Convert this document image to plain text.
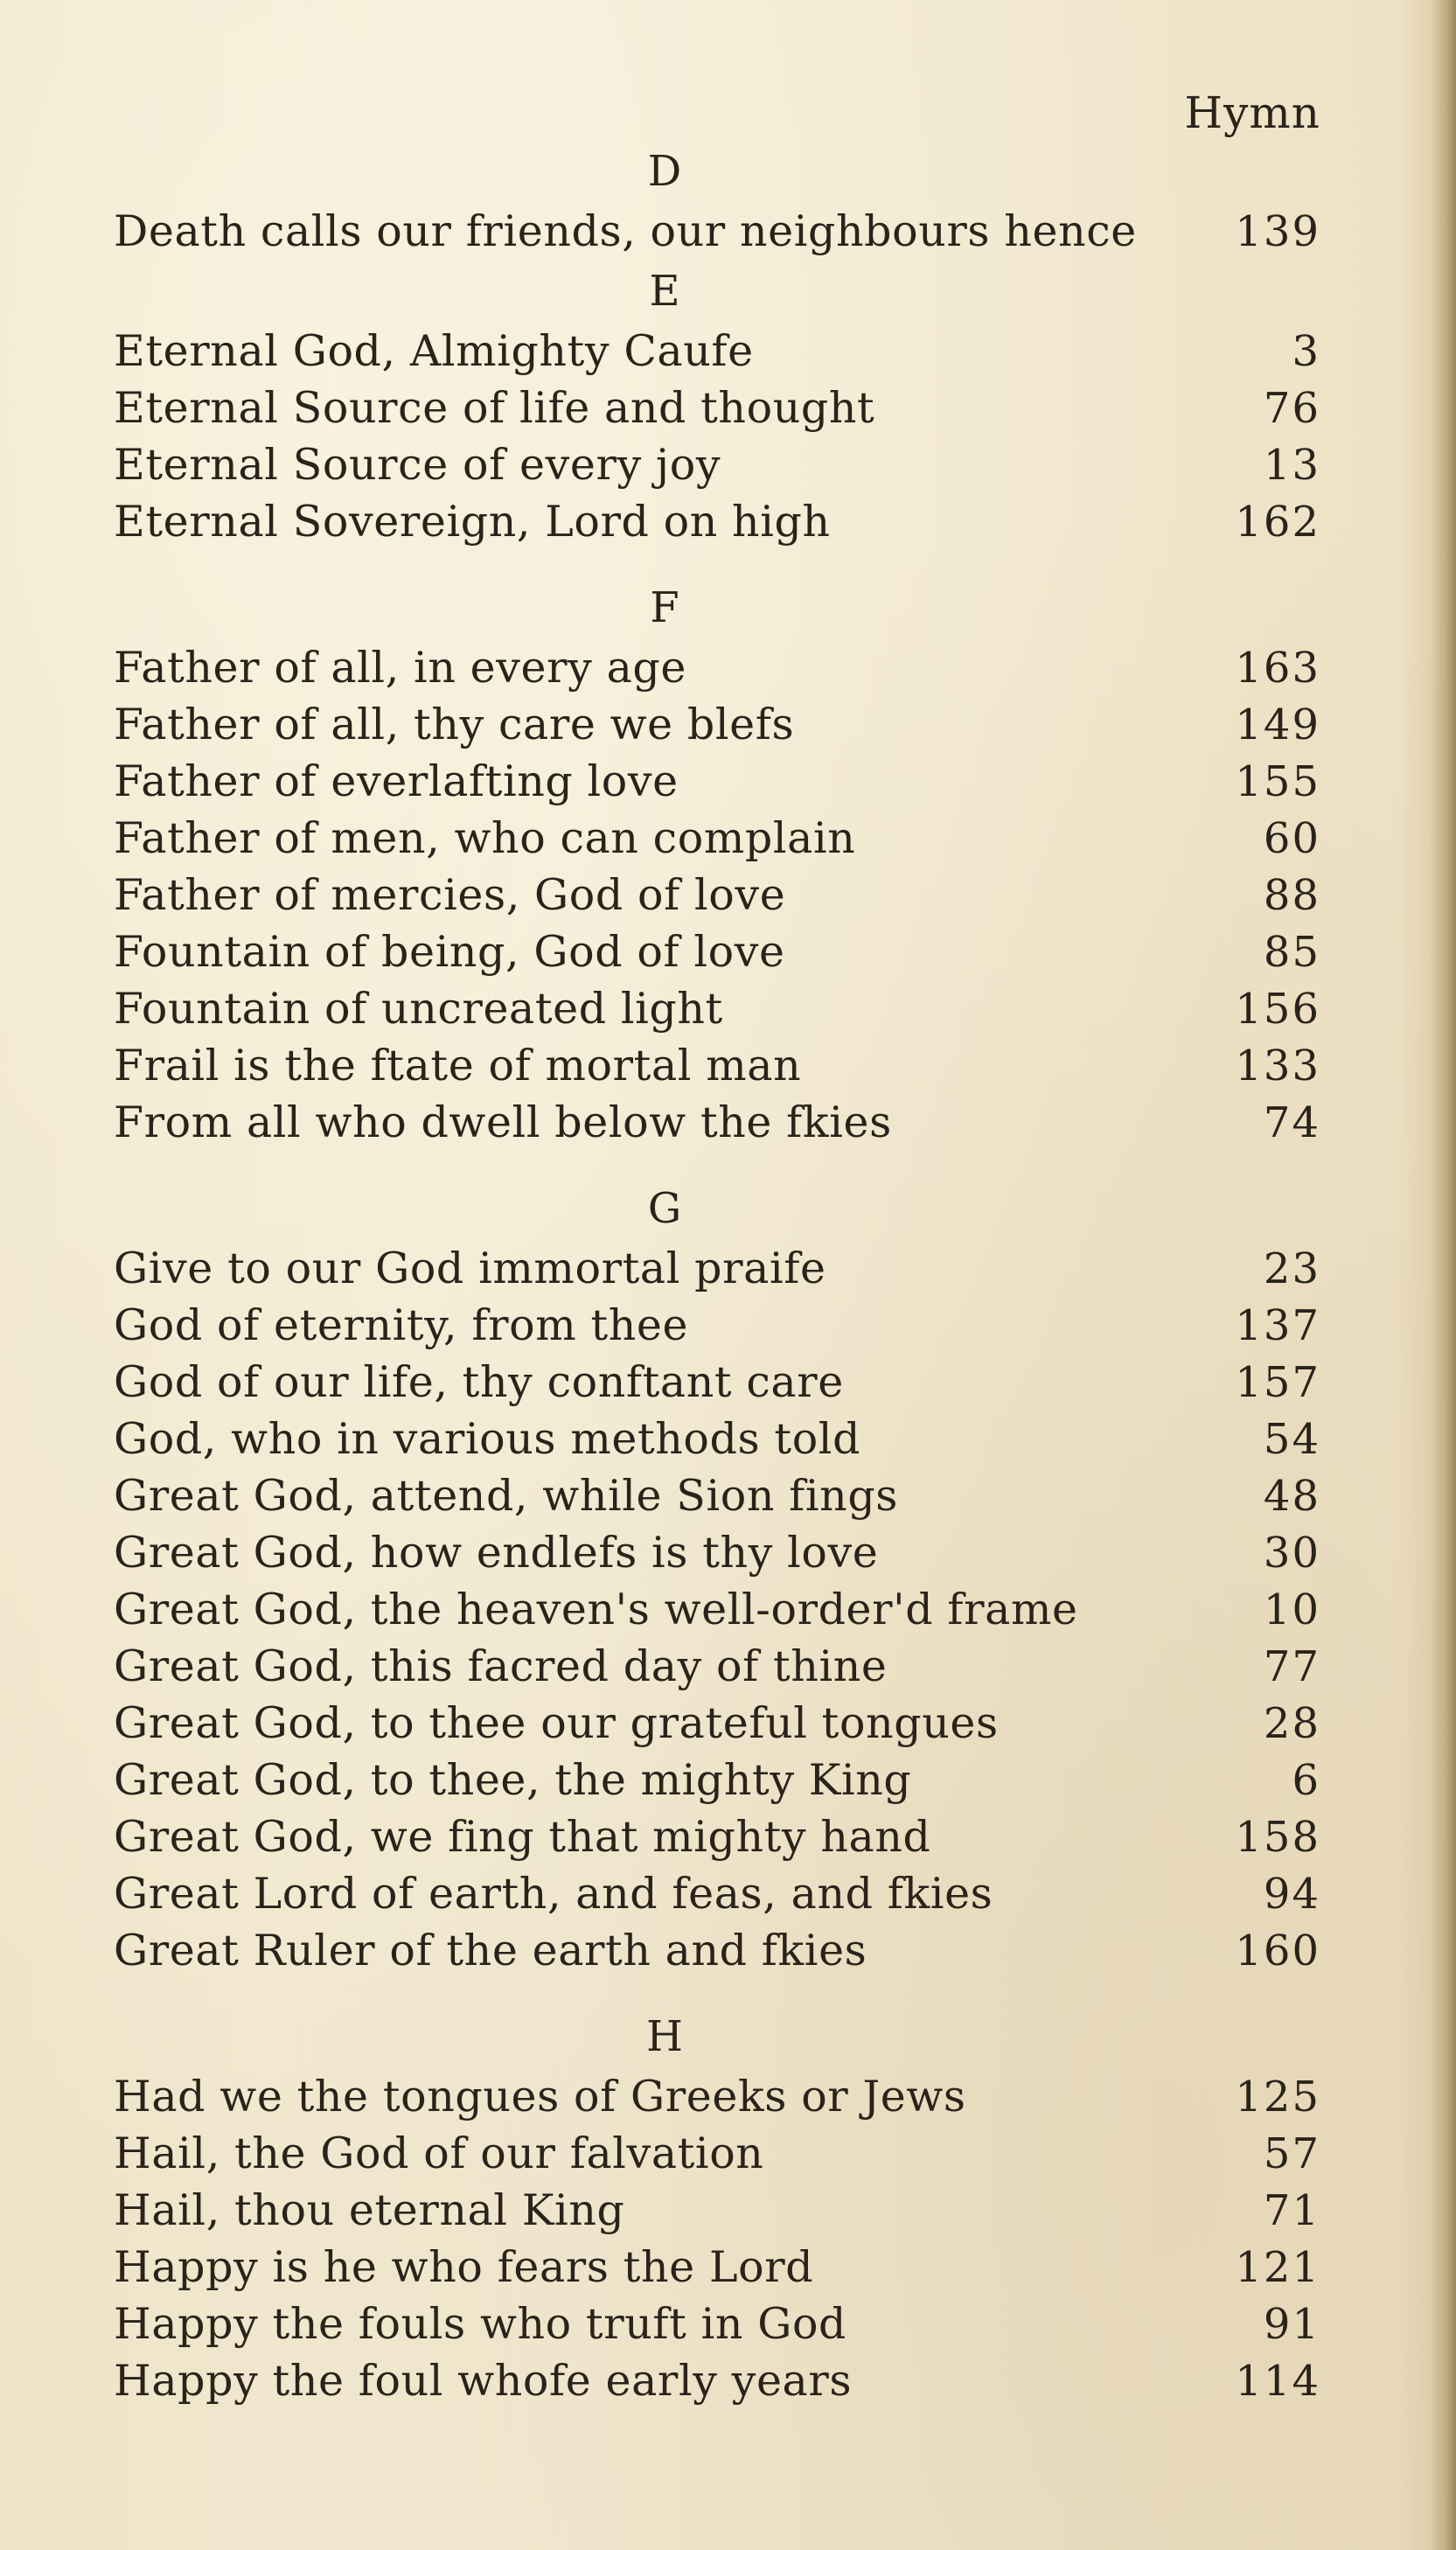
Hymn
D
Death calls our friends, our neighbours hence	139
E
Eternal God, Almighty Caufe	3
Eternal Source of life and thought	76
Eternal Source of every joy	13
Eternal Sovereign, Lord on high	162
F
Father of all, in every age	163
Father of all, thy care we blefs	149
Father of everlafting love	155
Father of men, who can complain	60
Father of mercies, God of love	88
Fountain of being, God of love	85
Fountain of uncreated light	156
Frail is the ftate of mortal man	133
From all who dwell below the fkies	74
G
Give to our God immortal praife	23
God of eternity, from thee	137
God of our life, thy conftant care	157
God, who in various methods told	54
Great God, attend, while Sion fings	48
Great God, how endlefs is thy love	30
Great God, the heaven's well-order'd frame	10
Great God, this facred day of thine	77
Great God, to thee our grateful tongues	28
Great God, to thee, the mighty King	6
Great God, we fing that mighty hand	158
Great Lord of earth, and feas, and fkies	94
Great Ruler of the earth and fkies	160
H
Had we the tongues of Greeks or Jews	125
Hail, the God of our falvation	57
Hail, thou eternal King	71
Happy is he who fears the Lord	121
Happy the fouls who truft in God	91
Happy the foul whofe early years	114
